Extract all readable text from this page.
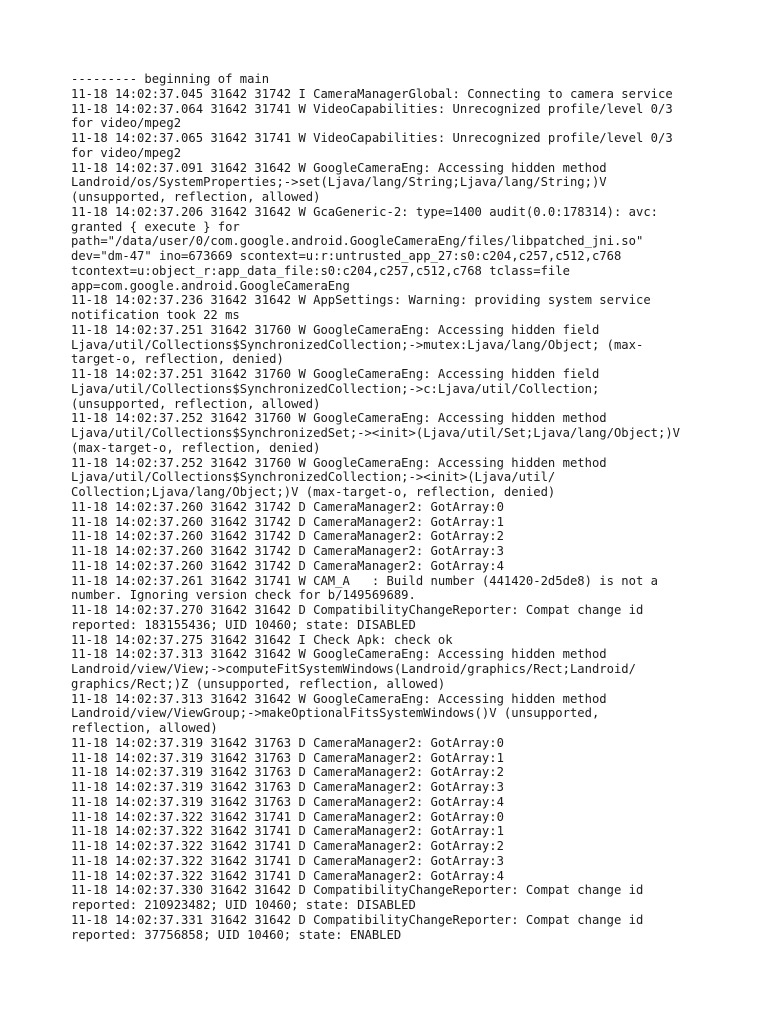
--------- beginning of main
11-18 14:02:37.045 31642 31742 I CameraManagerGlobal: Connecting to camera service
11-18 14:02:37.064 31642 31741 W VideoCapabilities: Unrecognized profile/level 0/3
for video/mpeg2
11-18 14:02:37.065 31642 31741 W VideoCapabilities: Unrecognized profile/level 0/3
for video/mpeg2
11-18 14:02:37.091 31642 31642 W GoogleCameraEng: Accessing hidden method
Landroid/os/SystemProperties;->set(Ljava/lang/String;Ljava/lang/String;)V
(unsupported, reflection, allowed)
11-18 14:02:37.206 31642 31642 W GcaGeneric-2: type=1400 audit(0.0:178314): avc:
granted { execute } for
path="/data/user/0/com.google.android.GoogleCameraEng/files/libpatched_jni.so"
dev="dm-47" ino=673669 scontext=u:r:untrusted_app_27:s0:c204,c257,c512,c768
tcontext=u:object_r:app_data_file:s0:c204,c257,c512,c768 tclass=file
app=com.google.android.GoogleCameraEng
11-18 14:02:37.236 31642 31642 W AppSettings: Warning: providing system service
notification took 22 ms
11-18 14:02:37.251 31642 31760 W GoogleCameraEng: Accessing hidden field
Ljava/util/Collections$SynchronizedCollection;->mutex:Ljava/lang/Object; (max-
target-o, reflection, denied)
11-18 14:02:37.251 31642 31760 W GoogleCameraEng: Accessing hidden field
Ljava/util/Collections$SynchronizedCollection;->c:Ljava/util/Collection;
(unsupported, reflection, allowed)
11-18 14:02:37.252 31642 31760 W GoogleCameraEng: Accessing hidden method
Ljava/util/Collections$SynchronizedSet;-><init>(Ljava/util/Set;Ljava/lang/Object;)V
(max-target-o, reflection, denied)
11-18 14:02:37.252 31642 31760 W GoogleCameraEng: Accessing hidden method
Ljava/util/Collections$SynchronizedCollection;-><init>(Ljava/util/
Collection;Ljava/lang/Object;)V (max-target-o, reflection, denied)
11-18 14:02:37.260 31642 31742 D CameraManager2: GotArray:0
11-18 14:02:37.260 31642 31742 D CameraManager2: GotArray:1
11-18 14:02:37.260 31642 31742 D CameraManager2: GotArray:2
11-18 14:02:37.260 31642 31742 D CameraManager2: GotArray:3
11-18 14:02:37.260 31642 31742 D CameraManager2: GotArray:4
11-18 14:02:37.261 31642 31741 W CAM_A   : Build number (441420-2d5de8) is not a
number. Ignoring version check for b/149569689.
11-18 14:02:37.270 31642 31642 D CompatibilityChangeReporter: Compat change id
reported: 183155436; UID 10460; state: DISABLED
11-18 14:02:37.275 31642 31642 I Check Apk: check ok
11-18 14:02:37.313 31642 31642 W GoogleCameraEng: Accessing hidden method
Landroid/view/View;->computeFitSystemWindows(Landroid/graphics/Rect;Landroid/
graphics/Rect;)Z (unsupported, reflection, allowed)
11-18 14:02:37.313 31642 31642 W GoogleCameraEng: Accessing hidden method
Landroid/view/ViewGroup;->makeOptionalFitsSystemWindows()V (unsupported,
reflection, allowed)
11-18 14:02:37.319 31642 31763 D CameraManager2: GotArray:0
11-18 14:02:37.319 31642 31763 D CameraManager2: GotArray:1
11-18 14:02:37.319 31642 31763 D CameraManager2: GotArray:2
11-18 14:02:37.319 31642 31763 D CameraManager2: GotArray:3
11-18 14:02:37.319 31642 31763 D CameraManager2: GotArray:4
11-18 14:02:37.322 31642 31741 D CameraManager2: GotArray:0
11-18 14:02:37.322 31642 31741 D CameraManager2: GotArray:1
11-18 14:02:37.322 31642 31741 D CameraManager2: GotArray:2
11-18 14:02:37.322 31642 31741 D CameraManager2: GotArray:3
11-18 14:02:37.322 31642 31741 D CameraManager2: GotArray:4
11-18 14:02:37.330 31642 31642 D CompatibilityChangeReporter: Compat change id
reported: 210923482; UID 10460; state: DISABLED
11-18 14:02:37.331 31642 31642 D CompatibilityChangeReporter: Compat change id
reported: 37756858; UID 10460; state: ENABLED
